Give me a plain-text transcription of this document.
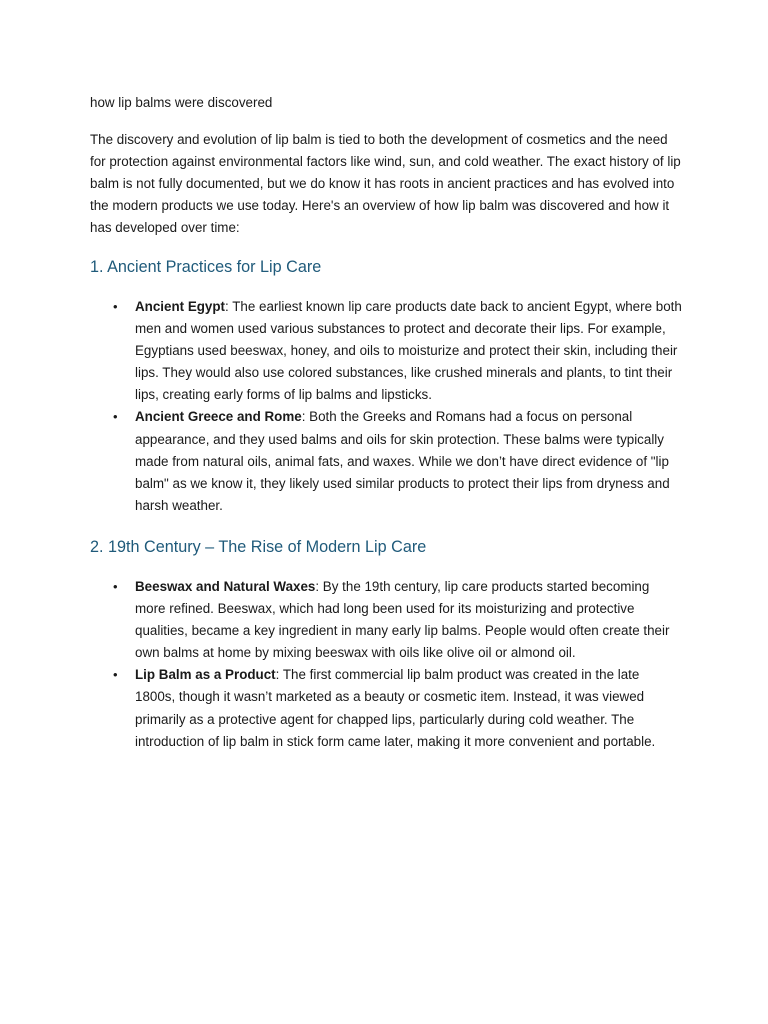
how lip balms were discovered

The discovery and evolution of lip balm is tied to both the development of cosmetics and the need for protection against environmental factors like wind, sun, and cold weather. The exact history of lip balm is not fully documented, but we do know it has roots in ancient practices and has evolved into the modern products we use today. Here's an overview of how lip balm was discovered and how it has developed over time:

1. Ancient Practices for Lip Care
• Ancient Egypt: The earliest known lip care products date back to ancient Egypt, where both men and women used various substances to protect and decorate their lips. For example, Egyptians used beeswax, honey, and oils to moisturize and protect their skin, including their lips. They would also use colored substances, like crushed minerals and plants, to tint their lips, creating early forms of lip balms and lipsticks.
• Ancient Greece and Rome: Both the Greeks and Romans had a focus on personal appearance, and they used balms and oils for skin protection. These balms were typically made from natural oils, animal fats, and waxes. While we don’t have direct evidence of "lip balm" as we know it, they likely used similar products to protect their lips from dryness and harsh weather.
2. 19th Century – The Rise of Modern Lip Care
• Beeswax and Natural Waxes: By the 19th century, lip care products started becoming more refined. Beeswax, which had long been used for its moisturizing and protective qualities, became a key ingredient in many early lip balms. People would often create their own balms at home by mixing beeswax with oils like olive oil or almond oil.
• Lip Balm as a Product: The first commercial lip balm product was created in the late 1800s, though it wasn’t marketed as a beauty or cosmetic item. Instead, it was viewed primarily as a protective agent for chapped lips, particularly during cold weather. The introduction of lip balm in stick form came later, making it more convenient and portable.
